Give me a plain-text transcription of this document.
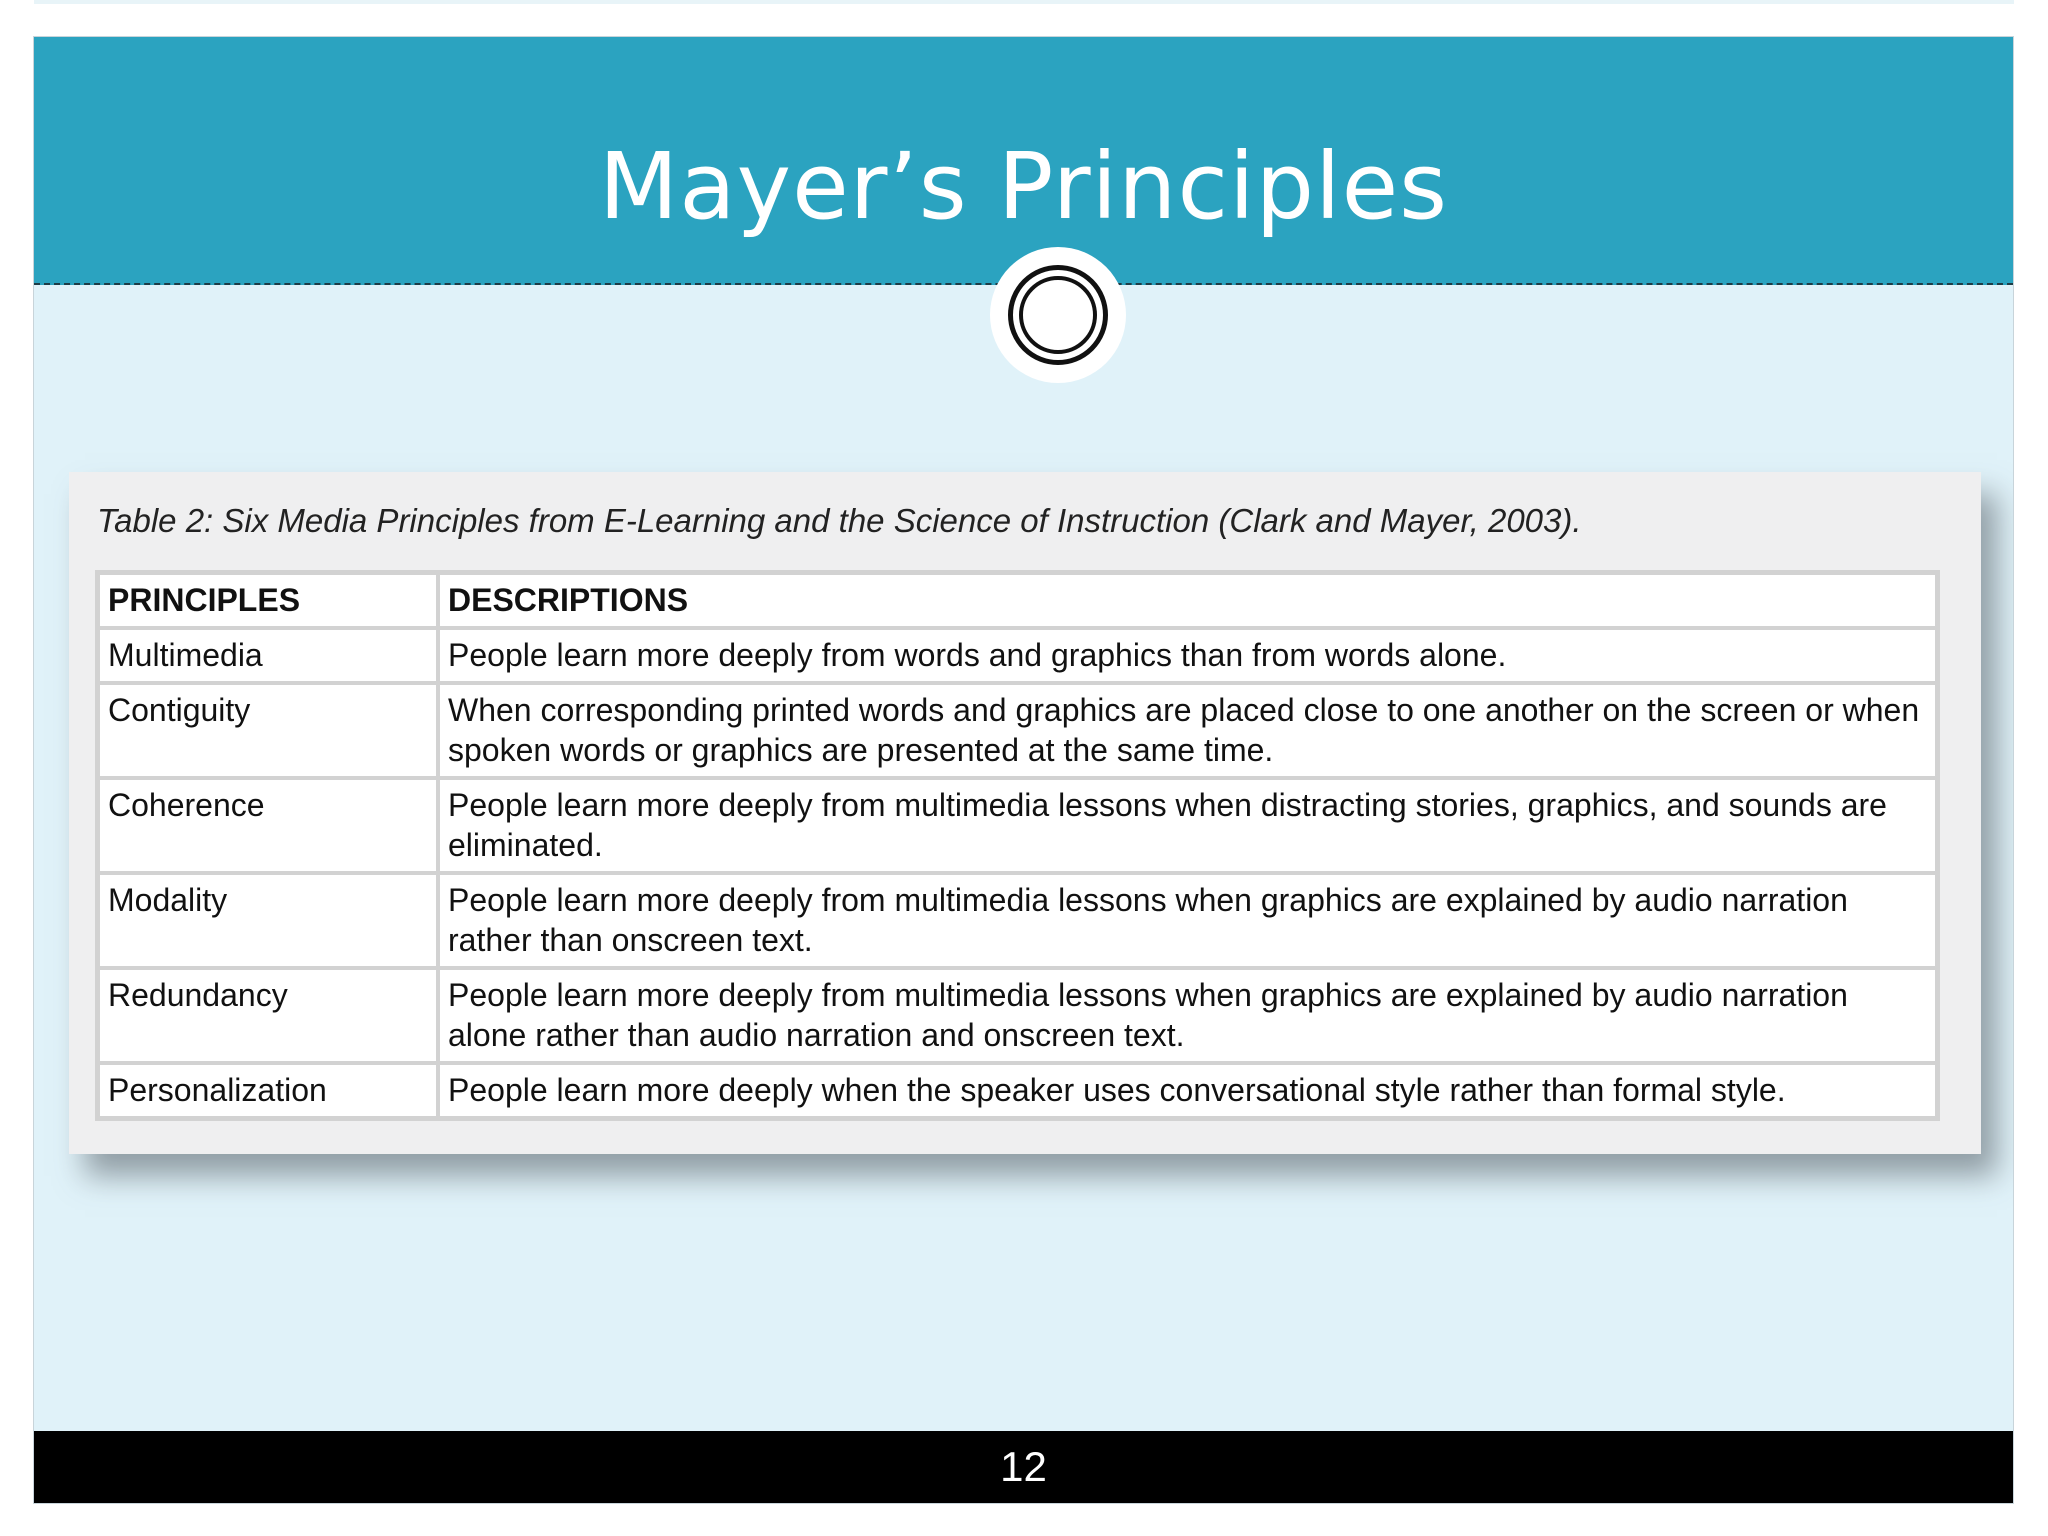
Mayer’s Principles
Table 2: Six Media Principles from E-Learning and the Science of Instruction (Clark and Mayer, 2003).
PRINCIPLES	DESCRIPTIONS
Multimedia	People learn more deeply from words and graphics than from words alone.
Contiguity	When corresponding printed words and graphics are placed close to one another on the screen or when spoken words or graphics are presented at the same time.
Coherence	People learn more deeply from multimedia lessons when distracting stories, graphics, and sounds are eliminated.
Modality	People learn more deeply from multimedia lessons when graphics are explained by audio narration rather than onscreen text.
Redundancy	People learn more deeply from multimedia lessons when graphics are explained by audio narration alone rather than audio narration and onscreen text.
Personalization	People learn more deeply when the speaker uses conversational style rather than formal style.
12
